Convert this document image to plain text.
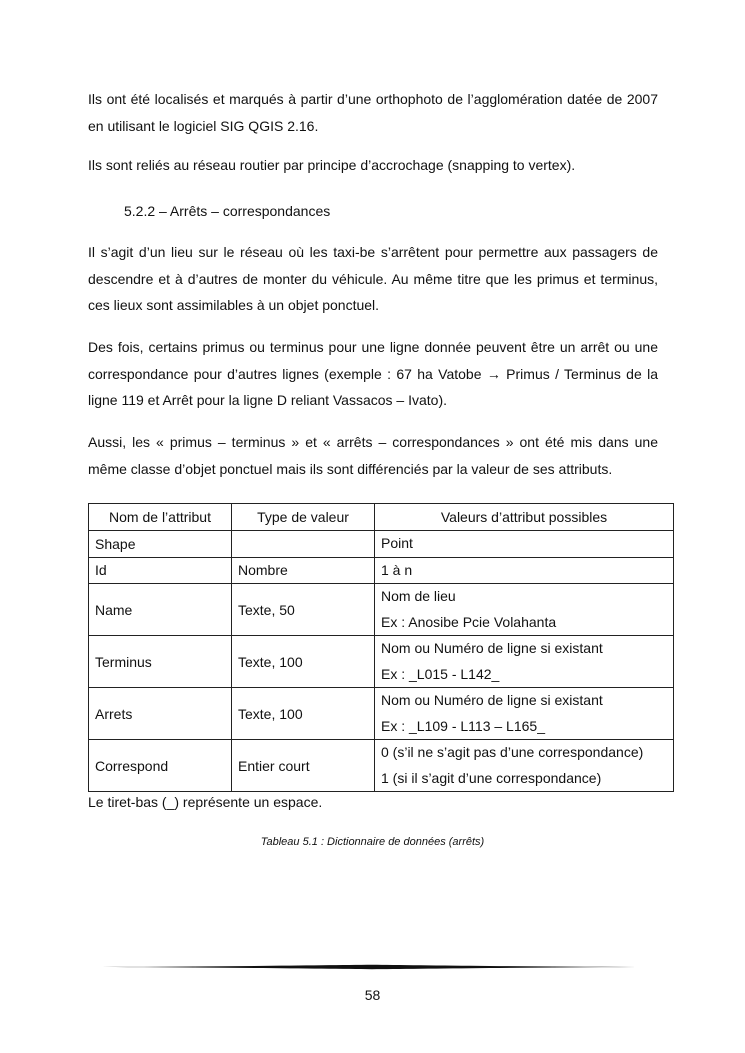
Ils ont été localisés et marqués à partir d’une orthophoto de l’agglomération datée de 2007 en utilisant le logiciel SIG QGIS 2.16.

Ils sont reliés au réseau routier par principe d’accrochage (snapping to vertex).

5.2.2 – Arrêts – correspondances

Il s’agit d’un lieu sur le réseau où les taxi-be s’arrêtent pour permettre aux passagers de descendre et à d’autres de monter du véhicule. Au même titre que les primus et terminus, ces lieux sont assimilables à un objet ponctuel.

Des fois, certains primus ou terminus pour une ligne donnée peuvent être un arrêt ou une correspondance pour d’autres lignes (exemple : 67 ha Vatobe → Primus / Terminus de la ligne 119 et Arrêt pour la ligne D reliant Vassacos – Ivato).

Aussi, les « primus – terminus » et « arrêts – correspondances » ont été mis dans une même classe d’objet ponctuel mais ils sont différenciés par la valeur de ses attributs.

Nom de l’attribut	Type de valeur	Valeurs d’attribut possibles
Shape		Point

Id	Nombre	1 à n

Name	Texte, 50	Nom de lieu
Ex : Anosibe Pcie Volahanta

Terminus	Texte, 100	Nom ou Numéro de ligne si existant
Ex : _L015 - L142_

Arrets	Texte, 100	Nom ou Numéro de ligne si existant
Ex : _L109 - L113 – L165_

Correspond	Entier court	0 (s’il ne s’agit pas d’une correspondance)
1 (si il s’agit d’une correspondance)

Le tiret-bas (_) représente un espace.

Tableau 5.1 : Dictionnaire de données (arrêts)

58
